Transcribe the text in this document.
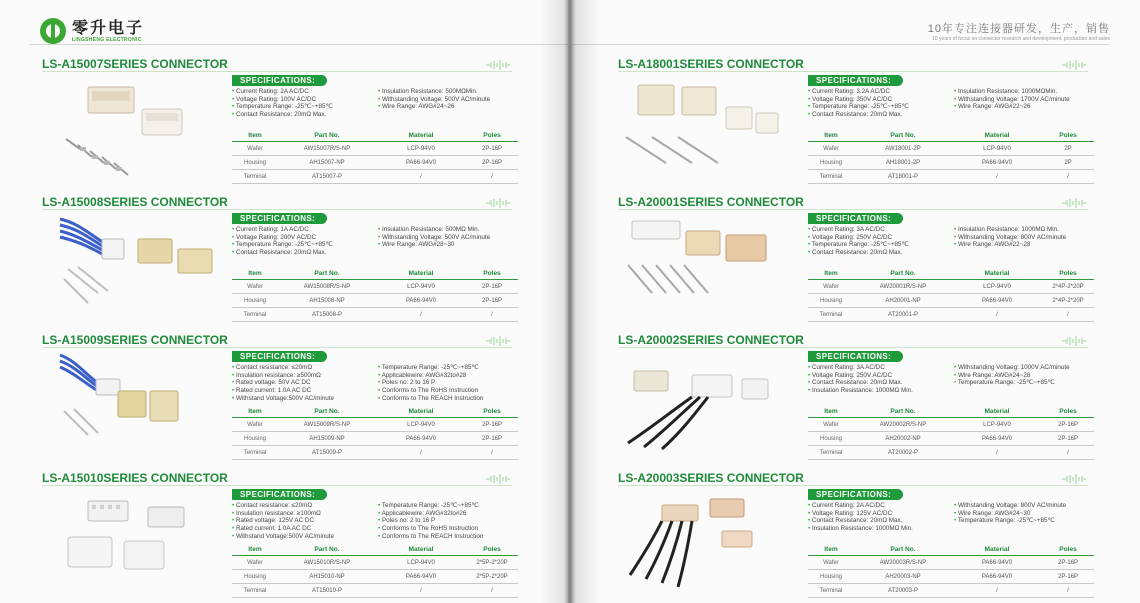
零升电子
LINGSHENG ELECTRONIC
LS-A15007SERIES CONNECTOR
SPECIFICATIONS:
• Current Rating: 2A AC/DC
• Voltage Rating: 100V AC/DC
• Temperature Range: -25℃~+85℃
• Contact Resistance: 20mΩ Max.
• Insulation Resistance: 500MΩMin.
• Withstanding Voltage: 500V AC/minute
• Wire Range: AWG#24~26
Item	Part No.	Material	Poles
Wafer	AW15007R/S-NP	LCP-94V0	2P-16P
Housing	AH15007-NP	PA66-94V0	2P-16P
Terminal	AT15007-P	/	/
LS-A15008SERIES CONNECTOR
SPECIFICATIONS:
• Current Rating: 1A AC/DC
• Voltage Rating: 200V AC/DC
• Temperature Range: -25℃~+85℃
• Contact Resistance: 20mΩ Max.
• Insulation Resistance: 500MΩ Min.
• Withstanding Voltage: 500V AC/minute
• Wire Range: AWG#28~30
Item	Part No.	Material	Poles
Wafer	AW15008R/S-NP	LCP-94V0	2P-16P
Housing	AH15008-NP	PA66-94V0	2P-16P
Terminal	AT15008-P	/	/
LS-A15009SERIES CONNECTOR
SPECIFICATIONS:
• Contact resistance: ≤20mΩ
• Insulation resistance: ≥500mΩ
• Rated voltage: 50V AC DC
• Rated current: 1.0A AC DC
• Withstand Voltage:500V AC/minute
• Temperature Range: -25℃~+85℃
• Applicablewire: AWG#32to#28
• Poles no: 2 to 16 P
• Conforms to The RoHS Instruction
• Conforms to The REACH Instruction
Item	Part No.	Material	Poles
Wafer	AW15009R/S-NP	LCP-94V0	2P-16P
Housing	AH15009-NP	PA66-94V0	2P-16P
Terminal	AT15009-P	/	/
LS-A15010SERIES CONNECTOR
SPECIFICATIONS:
• Contact resistance: ≤20mΩ
• Insulation resistance: ≥100mΩ
• Rated voltage: 125V AC DC
• Rated current: 1.0A AC DC
• Withstand Voltage:500V AC/minute
• Temperature Range: -25℃~+85℃
• Applicablewire: AWG#32to#26
• Poles no: 2 to 16 P
• Conforms to The RoHS Instruction
• Conforms to The REACH Instruction
Item	Part No.	Material	Poles
Wafer	AW15010R/S-NP	LCP-94V0	2*5P-2*20P
Housing	AH15010-NP	PA66-94V0	2*5P-2*20P
Terminal	AT15010-P	/	/
10年专注连接器研发，生产，销售
10 years of focus on connector research and development, production and sales
LS-A18001SERIES CONNECTOR
SPECIFICATIONS:
• Current Rating: 3.2A AC/DC
• Voltage Rating: 350V AC/DC
• Temperature Range: -25℃~+85℃
• Contact Resistance: 20mΩ Max.
• Insulation Resistance: 1000MΩMin.
• Withstanding Voltage: 1700V AC/minute
• Wire Range: AWG#22~26
Item	Part No.	Material	Poles
Wafer	AW18001-2P	LCP-94V0	2P
Housing	AH18001-2P	PA66-94V0	2P
Terminal	AT18001-P	/	/
LS-A20001SERIES CONNECTOR
SPECIFICATIONS:
• Current Rating: 3A AC/DC
• Voltage Rating: 250V AC/DC
• Temperature Range: -25℃~+85℃
• Contact Resistance: 20mΩ Max.
• Insulation Resistance: 1000MΩ Min.
• Withstanding Voltage: 800V AC/minute
• Wire Range: AWG#22~28
Item	Part No.	Material	Poles
Wafer	AW20001R/S-NP	LCP-94V0	2*4P-2*20P
Housing	AH20001-NP	PA66-94V0	2*4P-2*20P
Terminal	AT20001-P	/	/
LS-A20002SERIES CONNECTOR
SPECIFICATIONS:
• Current Rating: 3A AC/DC
• Voltage Rating: 250V AC/DC
• Contact Resistance: 20mΩ Max.
• Insulation Resistance: 1000MΩ Min.
• Withstanding Voltaeg: 1000V AC/minute
• Wire Range: AWG#24~28
• Temperature Range: -25℃~+85℃
Item	Part No.	Material	Poles
Wafer	AW20002R/S-NP	LCP-94V0	2P-16P
Housing	AH20002-NP	PA66-94V0	2P-16P
Terminal	AT20002-P	/	/
LS-A20003SERIES CONNECTOR
SPECIFICATIONS:
• Current Rating: 2A AC/DC
• Voltage Rating: 125V AC/DC
• Contact Resistance: 20mΩ Max.
• Insulation Resistance: 1000MΩ Min.
• Withstanding Voltage: 800V AC/minute
• Wire Range: AWG#24~30
• Temperature Range: -25℃~+85℃
Item	Part No.	Material	Poles
Wafer	AW20003R/S-NP	PA66-94V0	2P-16P
Housing	AH20003-NP	PA66-94V0	2P-16P
Terminal	AT20003-P	/	/
